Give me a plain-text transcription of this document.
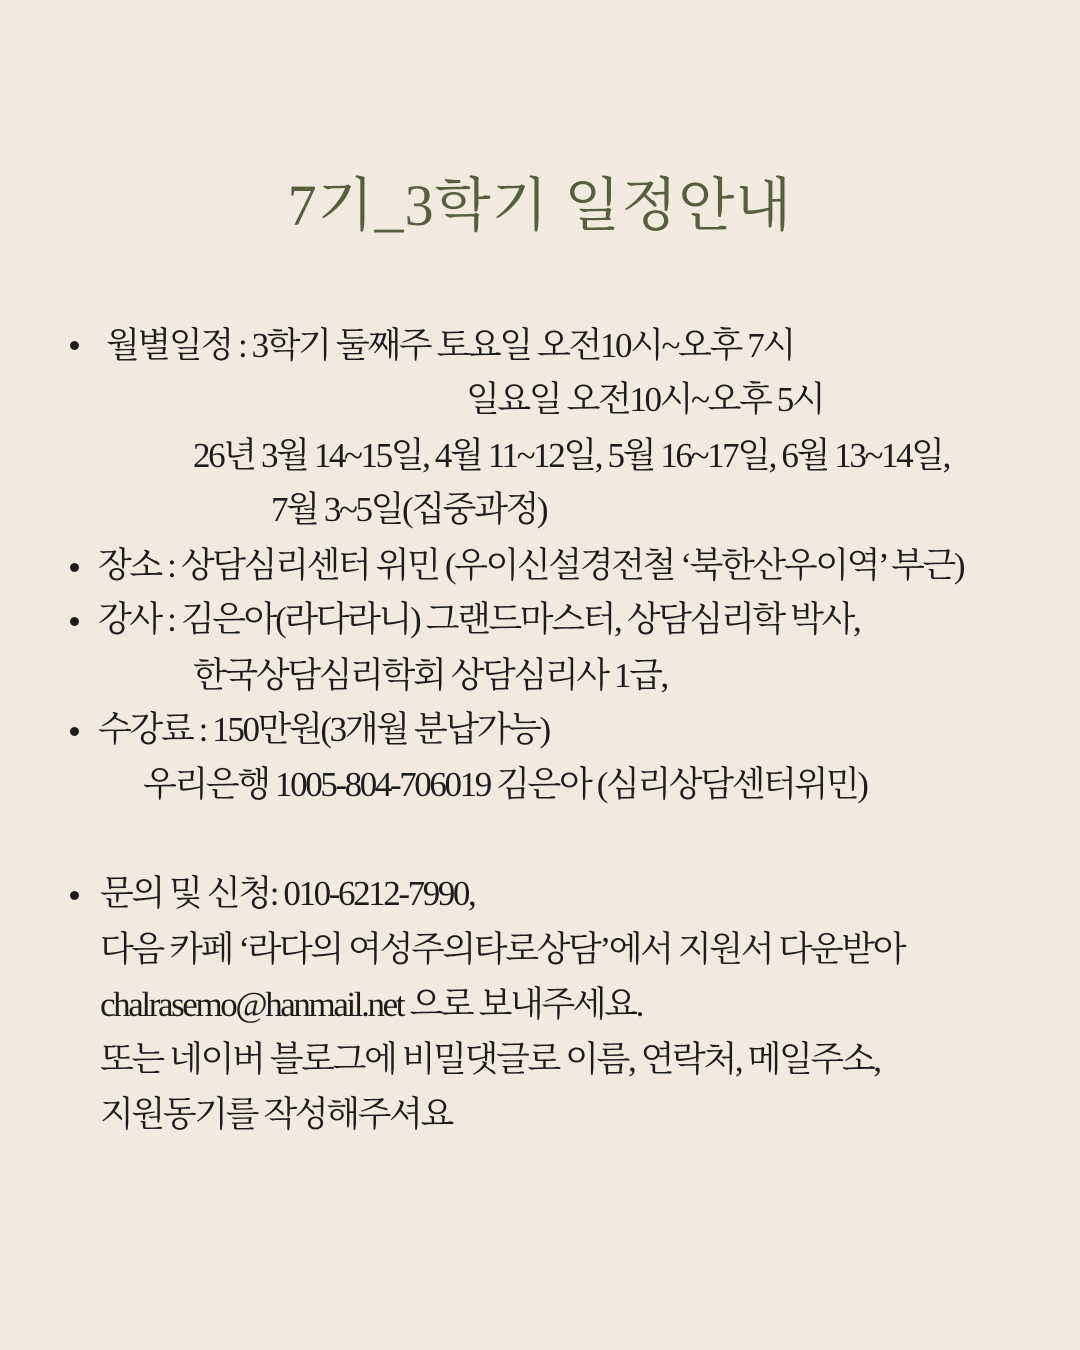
7기_3학기 일정안내
월별일정 : 3학기 둘째주 토요일 오전10시~오후 7시
일요일 오전10시~오후 5시
26년 3월 14~15일, 4월 11~12일, 5월 16~17일, 6월 13~14일,
7월 3~5일(집중과정)
장소 : 상담심리센터 위민 (우이신설경전철 ‘북한산우이역’ 부근)
강사 : 김은아(라다라니) 그랜드마스터, 상담심리학 박사,
한국상담심리학회 상담심리사 1급,
수강료 : 150만원(3개월 분납가능)
우리은행 1005-804-706019 김은아 (심리상담센터위민)
문의 및 신청: 010-6212-7990,
다음 카페 ‘라다의 여성주의타로상담’에서 지원서 다운받아
chalrasemo@hanmail.net 으로 보내주세요.
또는 네이버 블로그에 비밀댓글로 이름, 연락처, 메일주소,
지원동기를 작성해주셔요
